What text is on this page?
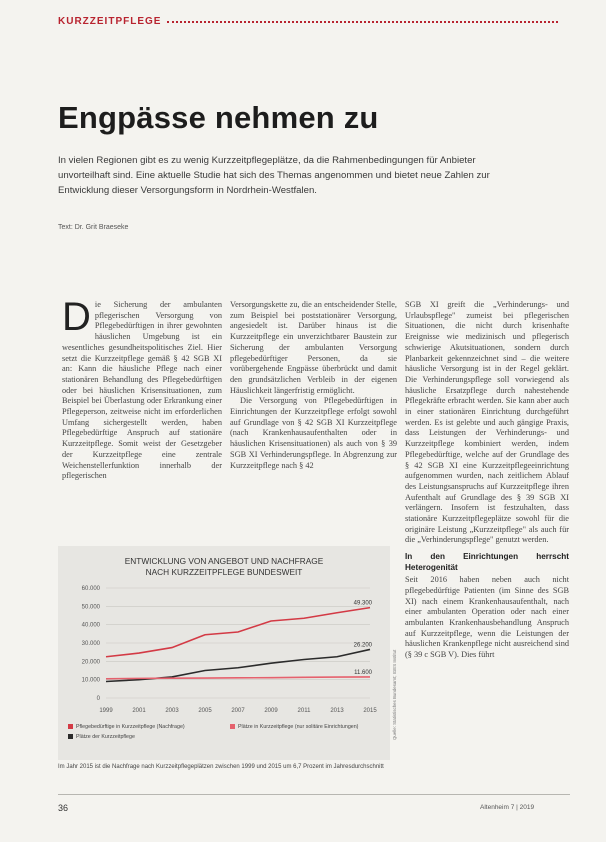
KURZZEITPFLEGE
Engpässe nehmen zu
In vielen Regionen gibt es zu wenig Kurzzeitpflegeplätze, da die Rahmenbedingungen für Anbieter unvorteilhaft sind. Eine aktuelle Studie hat sich des Themas angenommen und bietet neue Zahlen zur Entwicklung dieser Versorgungsform in Nordrhein-Westfalen.
Text: Dr. Grit Braeseke
D ie Sicherung der ambulanten pflegerischen Versorgung von Pflegebedürftigen in ihrer gewohnten häuslichen Umgebung ist ein wesentliches gesundheitspolitisches Ziel. Hier setzt die Kurzzeitpflege gemäß § 42 SGB XI an: Kann die häusliche Pflege nach einer stationären Behandlung des Pflegebedürftigen oder bei häuslichen Krisensituationen, zum Beispiel bei Überlastung oder Erkrankung einer Pflegeperson, zeitweise nicht im erforderlichen Umfang sichergestellt werden, haben Pflegebedürftige Anspruch auf stationäre Kurzzeitpflege. Somit weist der Gesetzgeber der Kurzzeitpflege eine zentrale Weichenstellerfunktion innerhalb der pflegerischen

Versorgungskette zu, die an entscheidender Stelle, zum Beispiel bei poststationärer Versorgung, angesiedelt ist. Darüber hinaus ist die Kurzzeitpflege ein unverzichtbarer Baustein zur Sicherung der ambulanten Versorgung pflegebedürftiger Personen, da sie vorübergehende Engpässe überbrückt und damit den grundsätzlichen Verbleib in der eigenen Häuslichkeit längerfristig ermöglicht.

Die Versorgung von Pflegebedürftigen in Einrichtungen der Kurzzeitpflege erfolgt sowohl auf Grundlage von § 42 SGB XI Kurzzeitpflege (nach Krankenhausaufenthalten oder in häuslichen Krisensituationen) als auch von § 39 SGB XI Verhinderungspflege. In Abgrenzung zur Kurzzeitpflege nach § 42

SGB XI greift die „Verhinderungs- und Urlaubspflege" zumeist bei pflegerischen Situationen, die nicht durch krisenhafte Ereignisse wie medizinisch und pflegerisch schwierige Akutsituationen, sondern durch Planbarkeit gekennzeichnet sind – die weitere häusliche Versorgung ist in der Regel geklärt. Die Verhinderungspflege soll vorwiegend als häusliche Ersatzpflege durch nahestehende Pflegekräfte erbracht werden. Sie kann aber auch in einer stationären Einrichtung durchgeführt werden. Es ist gelebte und auch gängige Praxis, dass Leistungen der Verhinderungs- und Kurzzeitpflege kombiniert werden, indem Pflegebedürftige, welche auf der Grundlage des § 42 SGB XI eine Kurzzeitpflegeeinrichtung aufgenommen wurden, nach zeitlichem Ablauf des Leistungsanspruchs auf Kurzzeitpflege ihren Aufenthalt auf Grundlage des § 39 SGB XI verlängern. Insofern ist festzuhalten, dass stationäre Kurzzeitpflegeplätze sowohl für die originäre Leistung „Kurzzeitpflege" als auch für die „Verhinderungspflege" genutzt werden.

In den Einrichtungen herrscht Heterogenität

Seit 2016 haben neben auch nicht pflegebedürftige Patienten (im Sinne des SGB XI) nach einem Krankenhausaufenthalt, nach einer ambulanten Operation oder nach einer ambulanten Krankenhausbehandlung Anspruch auf Kurzzeitpflege, wenn die Leistungen der häuslichen Krankenpflege nicht ausreichend sind (§ 39 c SGB V). Dies führt

ENTWICKLUNG VON ANGEBOT UND NACHFRAGE
NACH KURZZEITPFLEGE BUNDESWEIT
0
10.000
20.000
30.000
40.000
50.000
60.000
1999	2001	2003	2005	2007	2009	2011	2013	2015
49.300
26.200
11.600
Pflegebedürftige in Kurzzeitpflege (Nachfrage)
Plätze der Kurzzeitpflege
Plätze in Kurzzeitpflege (nur solitäre Einrichtungen)	Quelle: Statistisches Bundesamt; IGES Institut
Im Jahr 2015 ist die Nachfrage nach Kurzzeitpflegeplätzen zwischen 1999 und 2015 um 6,7 Prozent im Jahresdurchschnitt
36	Altenheim 7 | 2019
